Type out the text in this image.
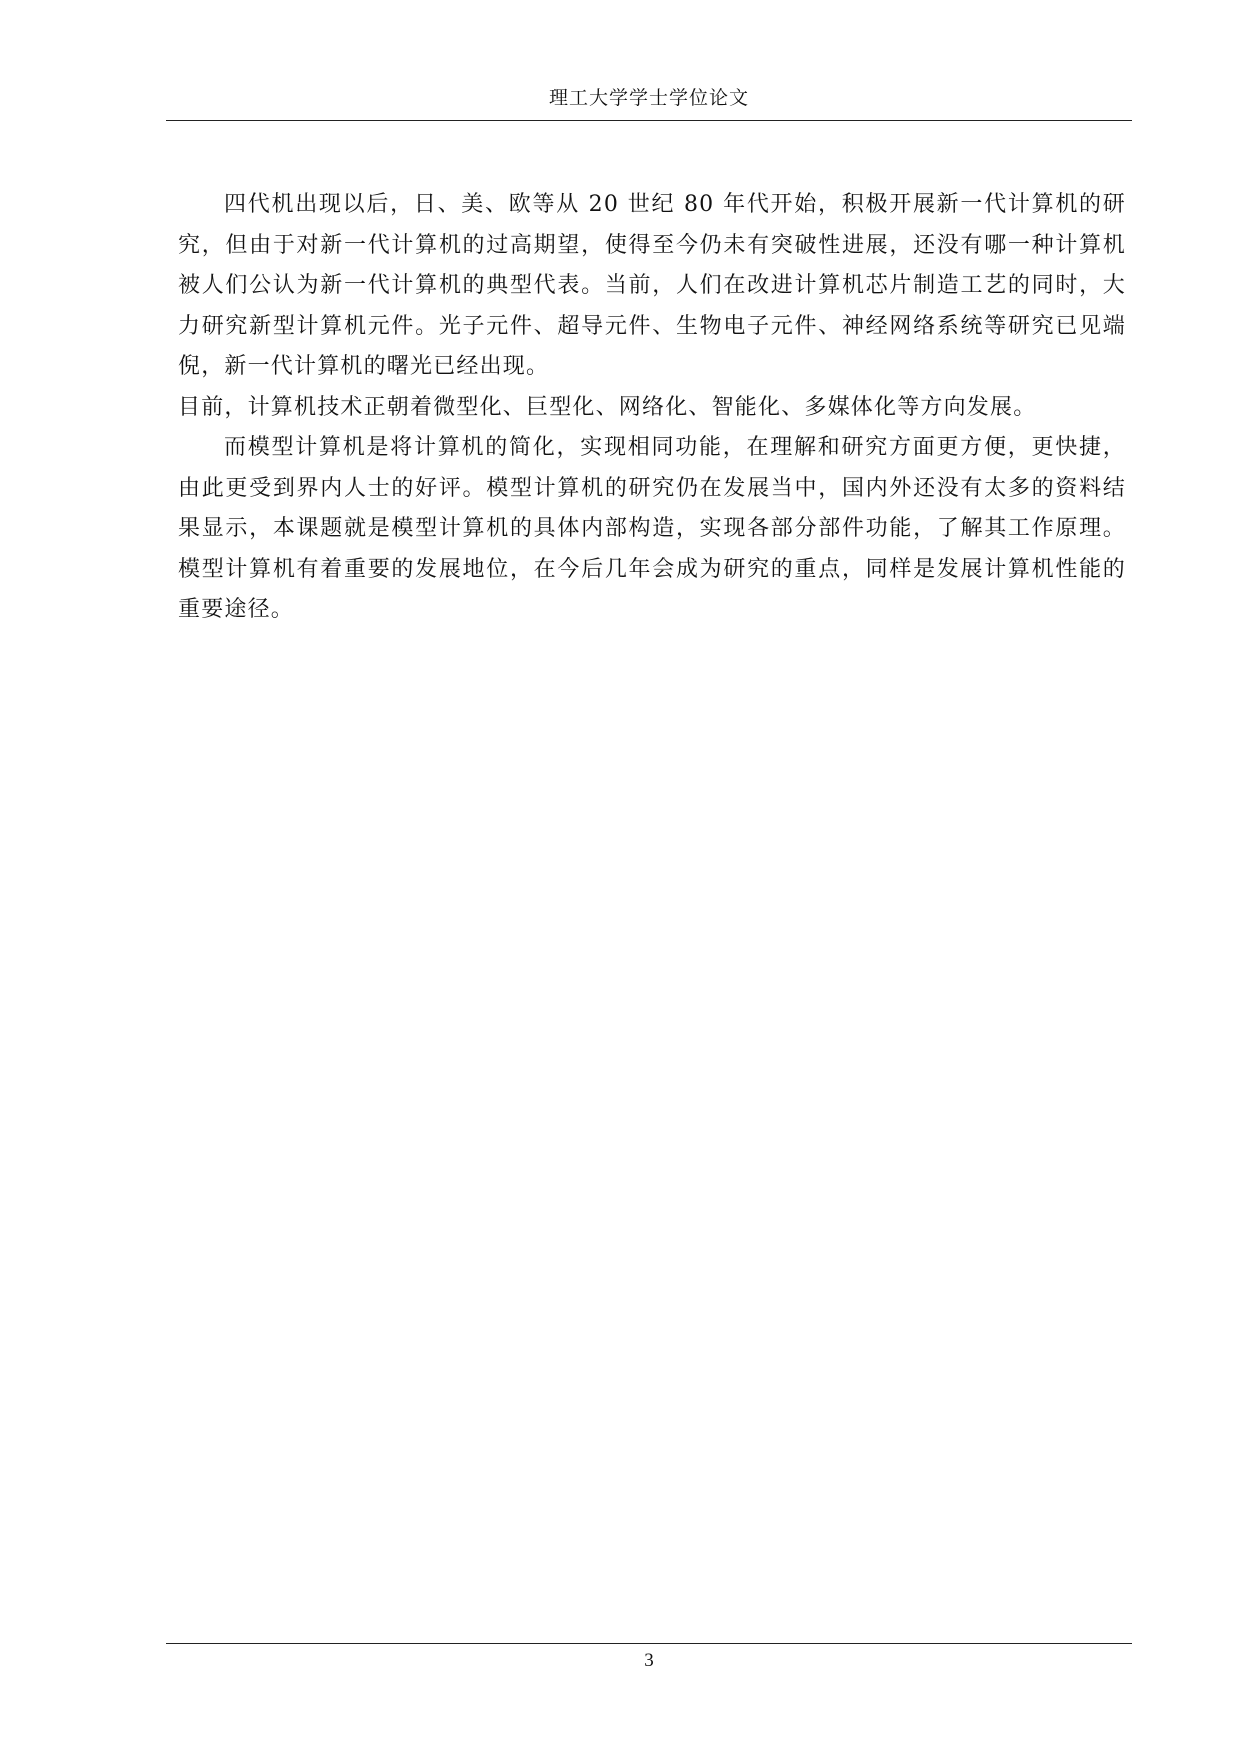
理工大学学士学位论文

四代机出现以后，日、美、欧等从 20 世纪 80 年代开始，积极开展新一代计算机的研究，但由于对新一代计算机的过高期望，使得至今仍未有突破性进展，还没有哪一种计算机被人们公认为新一代计算机的典型代表。当前，人们在改进计算机芯片制造工艺的同时，大力研究新型计算机元件。光子元件、超导元件、生物电子元件、神经网络系统等研究已见端倪，新一代计算机的曙光已经出现。

目前，计算机技术正朝着微型化、巨型化、网络化、智能化、多媒体化等方向发展。

而模型计算机是将计算机的简化，实现相同功能，在理解和研究方面更方便，更快捷，由此更受到界内人士的好评。模型计算机的研究仍在发展当中，国内外还没有太多的资料结果显示，本课题就是模型计算机的具体内部构造，实现各部分部件功能，了解其工作原理。模型计算机有着重要的发展地位，在今后几年会成为研究的重点，同样是发展计算机性能的重要途径。

3
